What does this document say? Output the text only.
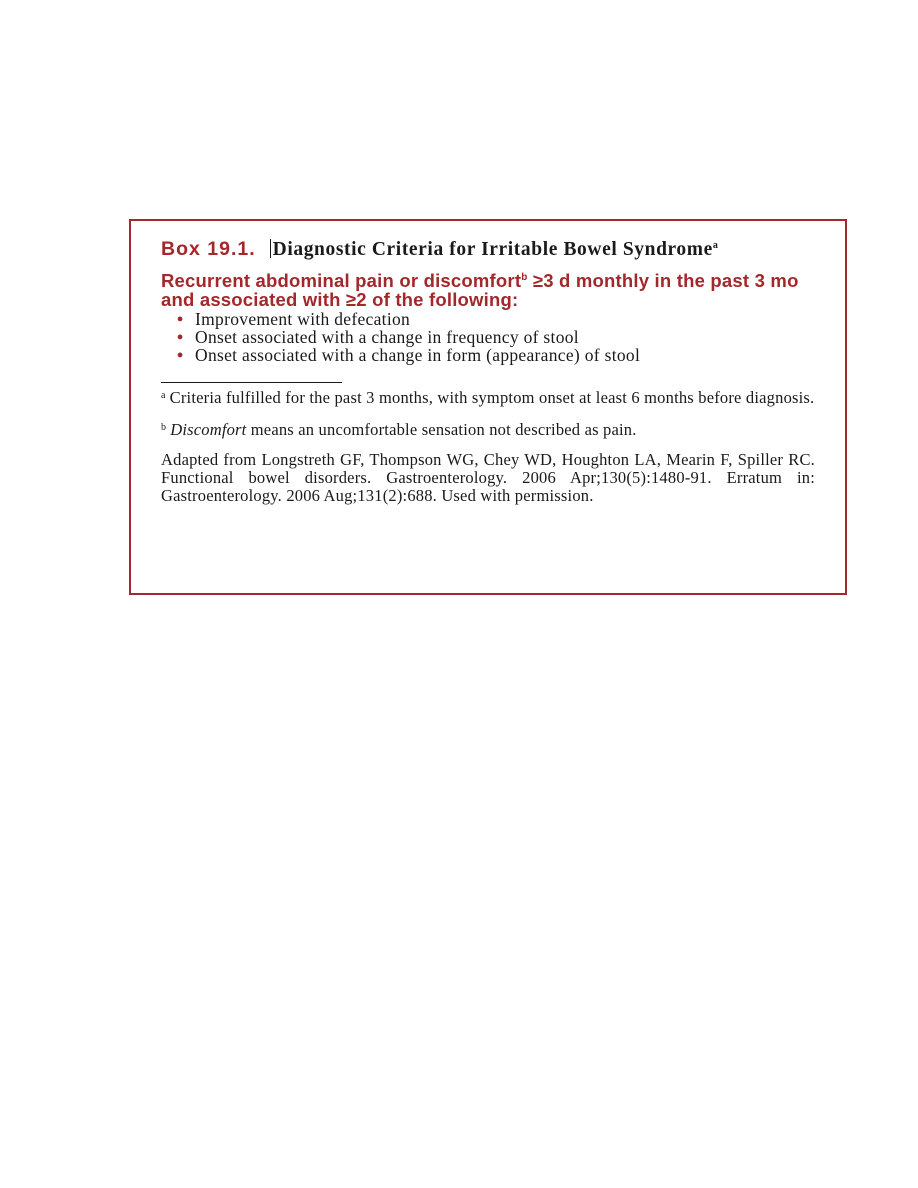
Box 19.1. Diagnostic Criteria for Irritable Bowel Syndrome$^a$

Recurrent abdominal pain or discomfort$^b$ ≥3 d monthly in the past 3 mo and associated with ≥2 of the following:

• Improvement with defecation
• Onset associated with a change in frequency of stool
• Onset associated with a change in form (appearance) of stool

$^a$ Criteria fulfilled for the past 3 months, with symptom onset at least 6 months before diagnosis.

$^b$ Discomfort means an uncomfortable sensation not described as pain.

Adapted from Longstreth GF, Thompson WG, Chey WD, Houghton LA, Mearin F, Spiller RC. Functional bowel disorders. Gastroenterology. 2006 Apr;130(5):1480-91. Erratum in: Gastroenterology. 2006 Aug;131(2):688. Used with permission.
